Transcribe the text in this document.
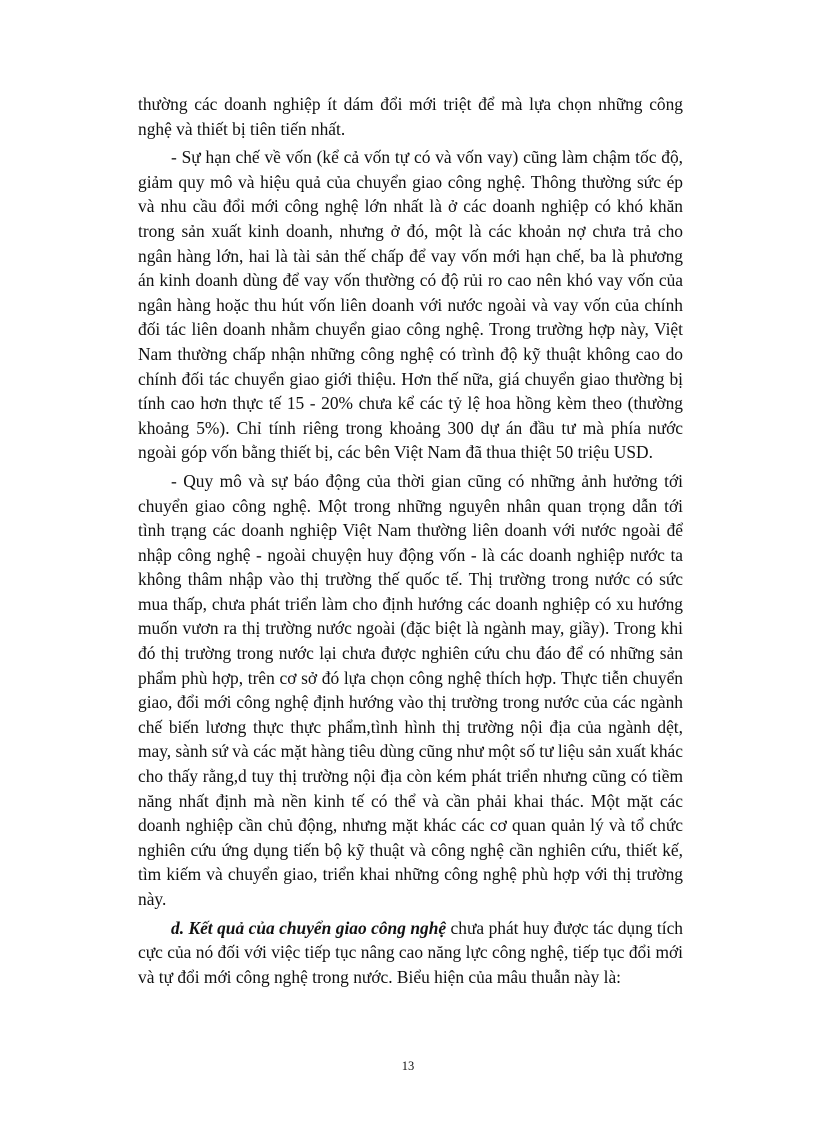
thường các doanh nghiệp ít dám đổi mới triệt để mà lựa chọn những công nghệ và thiết bị tiên tiến nhất.

- Sự hạn chế về vốn (kể cả vốn tự có và vốn vay) cũng làm chậm tốc độ, giảm quy mô và hiệu quả của chuyển giao công nghệ. Thông thường sức ép và nhu cầu đổi mới công nghệ lớn nhất là ở các doanh nghiệp có khó khăn trong sản xuất kinh doanh, nhưng ở đó, một là các khoản nợ chưa trả cho ngân hàng lớn, hai là tài sản thế chấp để vay vốn mới hạn chế, ba là phương án kinh doanh dùng để vay vốn thường có độ rủi ro cao nên khó vay vốn của ngân hàng hoặc thu hút vốn liên doanh với nước ngoài và vay vốn của chính đối tác liên doanh nhằm chuyển giao công nghệ. Trong trường hợp này, Việt Nam thường chấp nhận những công nghệ có trình độ kỹ thuật không cao do chính đối tác chuyển giao giới thiệu. Hơn thế nữa, giá chuyển giao thường bị tính cao hơn thực tế 15 - 20% chưa kể các tỷ lệ hoa hồng kèm theo (thường khoảng 5%). Chỉ tính riêng trong khoảng 300 dự án đầu tư mà phía nước ngoài góp vốn bằng thiết bị, các bên Việt Nam đã thua thiệt 50 triệu USD.

- Quy mô và sự báo động của thời gian cũng có những ảnh hưởng tới chuyển giao công nghệ. Một trong những nguyên nhân quan trọng dẫn tới tình trạng các doanh nghiệp Việt Nam thường liên doanh với nước ngoài để nhập công nghệ - ngoài chuyện huy động vốn - là các doanh nghiệp nước ta không thâm nhập vào thị trường thế quốc tế. Thị trường trong nước có sức mua thấp, chưa phát triển làm cho định hướng các doanh nghiệp có xu hướng muốn vươn ra thị trường nước ngoài (đặc biệt là ngành may, giầy). Trong khi đó thị trường trong nước lại chưa được nghiên cứu chu đáo để có những sản phẩm phù hợp, trên cơ sở đó lựa chọn công nghệ thích hợp. Thực tiễn chuyển giao, đổi mới công nghệ định hướng vào thị trường trong nước của các ngành chế biến lương thực thực phẩm,tình hình thị trường nội địa của ngành dệt, may, sành sứ và các mặt hàng tiêu dùng cũng như một số tư liệu sản xuất khác cho thấy rằng,d tuy thị trường nội địa còn kém phát triển nhưng cũng có tiềm năng nhất định mà nền kinh tế có thể và cần phải khai thác. Một mặt các doanh nghiệp cần chủ động, nhưng mặt khác các cơ quan quản lý và tổ chức nghiên cứu ứng dụng tiến bộ kỹ thuật và công nghệ cần nghiên cứu, thiết kế, tìm kiếm và chuyển giao, triển khai những công nghệ phù hợp với thị trường này.

d. Kết quả của chuyển giao công nghệ chưa phát huy được tác dụng tích cực của nó đối với việc tiếp tục nâng cao năng lực công nghệ, tiếp tục đổi mới và tự đổi mới công nghệ trong nước. Biểu hiện của mâu thuẫn này là:

13
